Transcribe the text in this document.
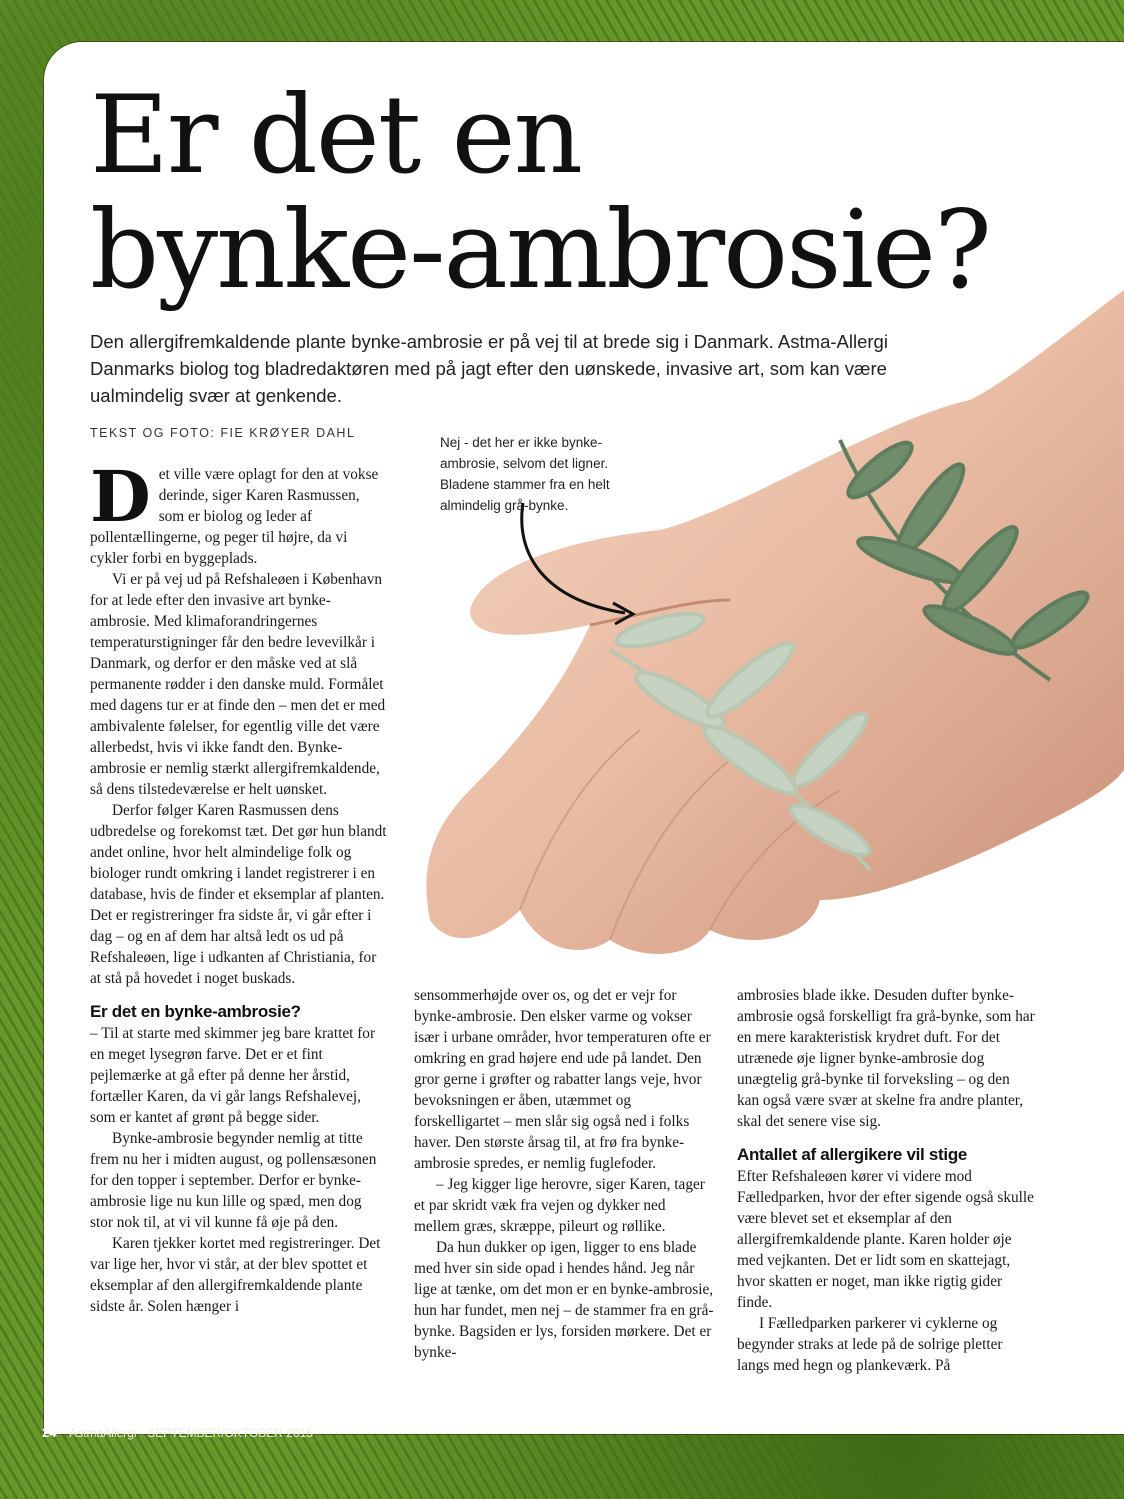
Er det en
bynke-ambrosie?

Den allergifremkaldende plante bynke-ambrosie er på vej til at brede sig i Danmark. Astma-Allergi Danmarks biolog tog bladredaktøren med på jagt efter den uønskede, invasive art, som kan være ualmindelig svær at genkende.

TEKST OG FOTO: FIE KRØYER DAHL

Nej - det her er ikke bynke-ambrosie, selvom det ligner. Bladene stammer fra en helt almindelig grå-bynke.

Det ville være oplagt for den at vokse derinde, siger Karen Rasmussen, som er biolog og leder af pollentællingerne, og peger til højre, da vi cykler forbi en byggeplads.

Vi er på vej ud på Refshaleøen i København for at lede efter den invasive art bynke-ambrosie. Med klimaforandringernes temperaturstigninger får den bedre levevilkår i Danmark, og derfor er den måske ved at slå permanente rødder i den danske muld. Formålet med dagens tur er at finde den – men det er med ambivalente følelser, for egentlig ville det være allerbedst, hvis vi ikke fandt den. Bynke-ambrosie er nemlig stærkt allergifremkaldende, så dens tilstedeværelse er helt uønsket.

Derfor følger Karen Rasmussen dens udbredelse og forekomst tæt. Det gør hun blandt andet online, hvor helt almindelige folk og biologer rundt omkring i landet registrerer i en database, hvis de finder et eksemplar af planten. Det er registreringer fra sidste år, vi går efter i dag – og en af dem har altså ledt os ud på Refshaleøen, lige i udkanten af Christiania, for at stå på hovedet i noget buskads.

Er det en bynke-ambrosie?

– Til at starte med skimmer jeg bare krattet for en meget lysegrøn farve. Det er et fint pejlemærke at gå efter på denne her årstid, fortæller Karen, da vi går langs Refshalevej, som er kantet af grønt på begge sider.

Bynke-ambrosie begynder nemlig at titte frem nu her i midten august, og pollensæsonen for den topper i september. Derfor er bynke-ambrosie lige nu kun lille og spæd, men dog stor nok til, at vi vil kunne få øje på den.

Karen tjekker kortet med registreringer. Det var lige her, hvor vi står, at der blev spottet et eksemplar af den allergifremkaldende plante sidste år. Solen hænger i

sensommerhøjde over os, og det er vejr for bynke-ambrosie. Den elsker varme og vokser især i urbane områder, hvor temperaturen ofte er omkring en grad højere end ude på landet. Den gror gerne i grøfter og rabatter langs veje, hvor bevoksningen er åben, utæmmet og forskelligartet – men slår sig også ned i folks haver. Den største årsag til, at frø fra bynke-ambrosie spredes, er nemlig fuglefoder.

– Jeg kigger lige herovre, siger Karen, tager et par skridt væk fra vejen og dykker ned mellem græs, skræppe, pileurt og røllike.

Da hun dukker op igen, ligger to ens blade med hver sin side opad i hendes hånd. Jeg når lige at tænke, om det mon er en bynke-ambrosie, hun har fundet, men nej – de stammer fra en grå-bynke. Bagsiden er lys, forsiden mørkere. Det er bynke-

ambrosies blade ikke. Desuden dufter bynke-ambrosie også forskelligt fra grå-bynke, som har en mere karakteristisk krydret duft. For det utrænede øje ligner bynke-ambrosie dog unægtelig grå-bynke til forveksling – og den kan også være svær at skelne fra andre planter, skal det senere vise sig.

Antallet af allergikere vil stige

Efter Refshaleøen kører vi videre mod Fælledparken, hvor der efter sigende også skulle være blevet set et eksemplar af den allergifremkaldende plante. Karen holder øje med vejkanten. Det er lidt som en skattejagt, hvor skatten er noget, man ikke rigtig gider finde.

I Fælledparken parkerer vi cyklerne og begynder straks at lede på de solrige pletter langs med hegn og plankeværk. På

24 AstmaAllergi · SEPTEMBER/OKTOBER 2015
